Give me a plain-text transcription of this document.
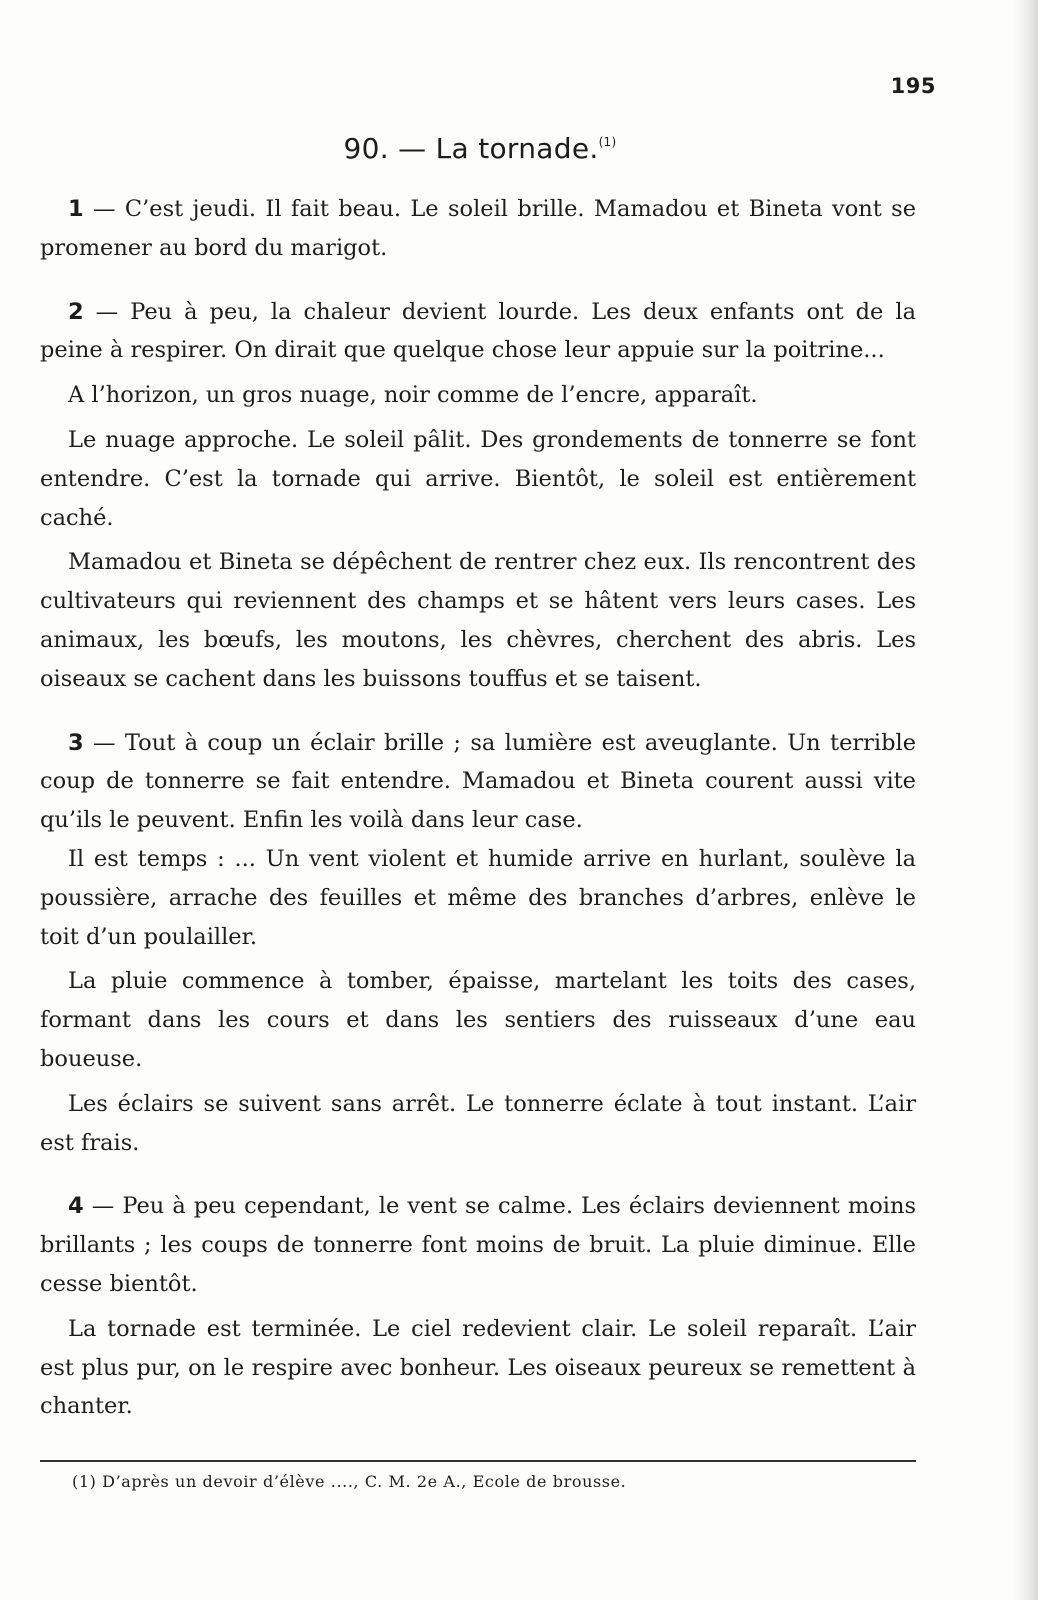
195
90. — La tornade.$^{(1)}$

1 — C’est jeudi. Il fait beau. Le soleil brille. Mamadou et Bineta vont se promener au bord du marigot.

2 — Peu à peu, la chaleur devient lourde. Les deux enfants ont de la peine à respirer. On dirait que quelque chose leur appuie sur la poitrine...

A l’horizon, un gros nuage, noir comme de l’encre, apparaît.

Le nuage approche. Le soleil pâlit. Des grondements de tonnerre se font entendre. C’est la tornade qui arrive. Bientôt, le soleil est entièrement caché.

Mamadou et Bineta se dépêchent de rentrer chez eux. Ils rencontrent des cultivateurs qui reviennent des champs et se hâtent vers leurs cases. Les animaux, les bœufs, les moutons, les chèvres, cherchent des abris. Les oiseaux se cachent dans les buissons touffus et se taisent.

3 — Tout à coup un éclair brille ; sa lumière est aveuglante. Un terrible coup de tonnerre se fait entendre. Mamadou et Bineta courent aussi vite qu’ils le peuvent. Enfin les voilà dans leur case.

Il est temps : ... Un vent violent et humide arrive en hurlant, soulève la poussière, arrache des feuilles et même des branches d’arbres, enlève le toit d’un poulailler.

La pluie commence à tomber, épaisse, martelant les toits des cases, formant dans les cours et dans les sentiers des ruisseaux d’une eau boueuse.

Les éclairs se suivent sans arrêt. Le tonnerre éclate à tout instant. L’air est frais.

4 — Peu à peu cependant, le vent se calme. Les éclairs deviennent moins brillants ; les coups de tonnerre font moins de bruit. La pluie diminue. Elle cesse bientôt.

La tornade est terminée. Le ciel redevient clair. Le soleil reparaît. L’air est plus pur, on le respire avec bonheur. Les oiseaux peureux se remettent à chanter.

(1) D’après un devoir d’élève ...., C. M. 2e A., Ecole de brousse.
